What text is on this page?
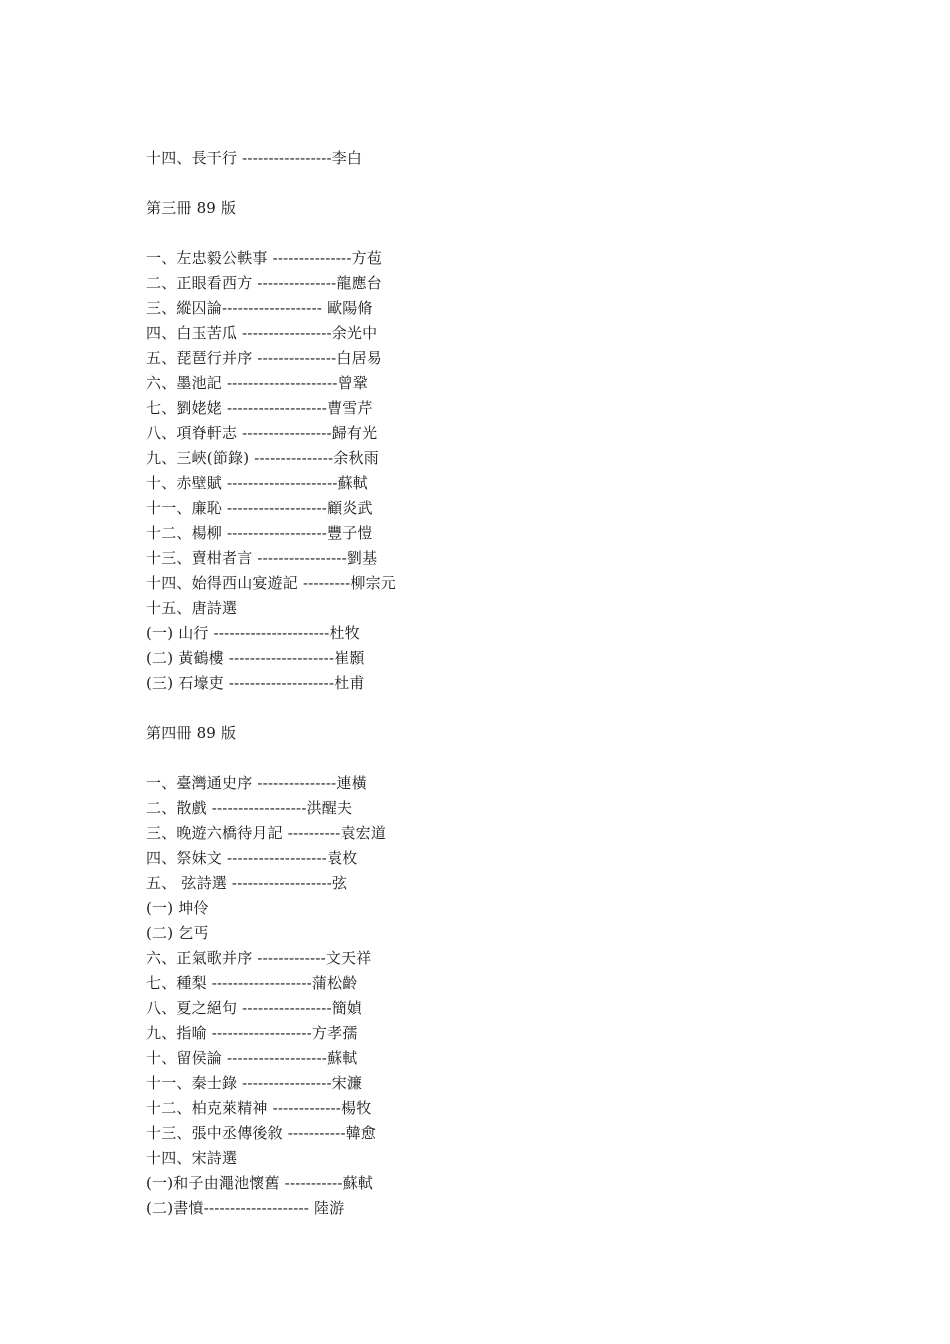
十四、長干行 -----------------李白
第三冊 89 版
一、左忠毅公軼事 ---------------方苞
二、正眼看西方 ---------------龍應台
三、縱囚論------------------- 歐陽脩
四、白玉苦瓜 -----------------余光中
五、琵琶行并序 ---------------白居易
六、墨池記 ---------------------曾鞏
七、劉姥姥 -------------------曹雪芹
八、項脊軒志 -----------------歸有光
九、三峽(節錄) ---------------余秋雨
十、赤壁賦 ---------------------蘇軾
十一、廉恥 -------------------顧炎武
十二、楊柳 -------------------豐子愷
十三、賣柑者言 -----------------劉基
十四、始得西山宴遊記 ---------柳宗元
十五、唐詩選
(一) 山行 ----------------------杜牧
(二) 黃鶴樓 --------------------崔顥
(三) 石壕吏 --------------------杜甫
第四冊 89 版
一、臺灣通史序 ---------------連橫
二、散戲 ------------------洪醒夫
三、晚遊六橋待月記 ----------袁宏道
四、祭妹文 -------------------袁枚
五、 弦詩選 -------------------弦
(一) 坤伶
(二) 乞丐
六、正氣歌并序 -------------文天祥
七、種梨 -------------------蒲松齡
八、夏之絕句 -----------------簡媜
九、指喻 -------------------方孝孺
十、留侯論 -------------------蘇軾
十一、秦士錄 -----------------宋濂
十二、柏克萊精神 -------------楊牧
十三、張中丞傳後敘 -----------韓愈
十四、宋詩選
(一)和子由澠池懷舊 -----------蘇軾
(二)書憤-------------------- 陸游
